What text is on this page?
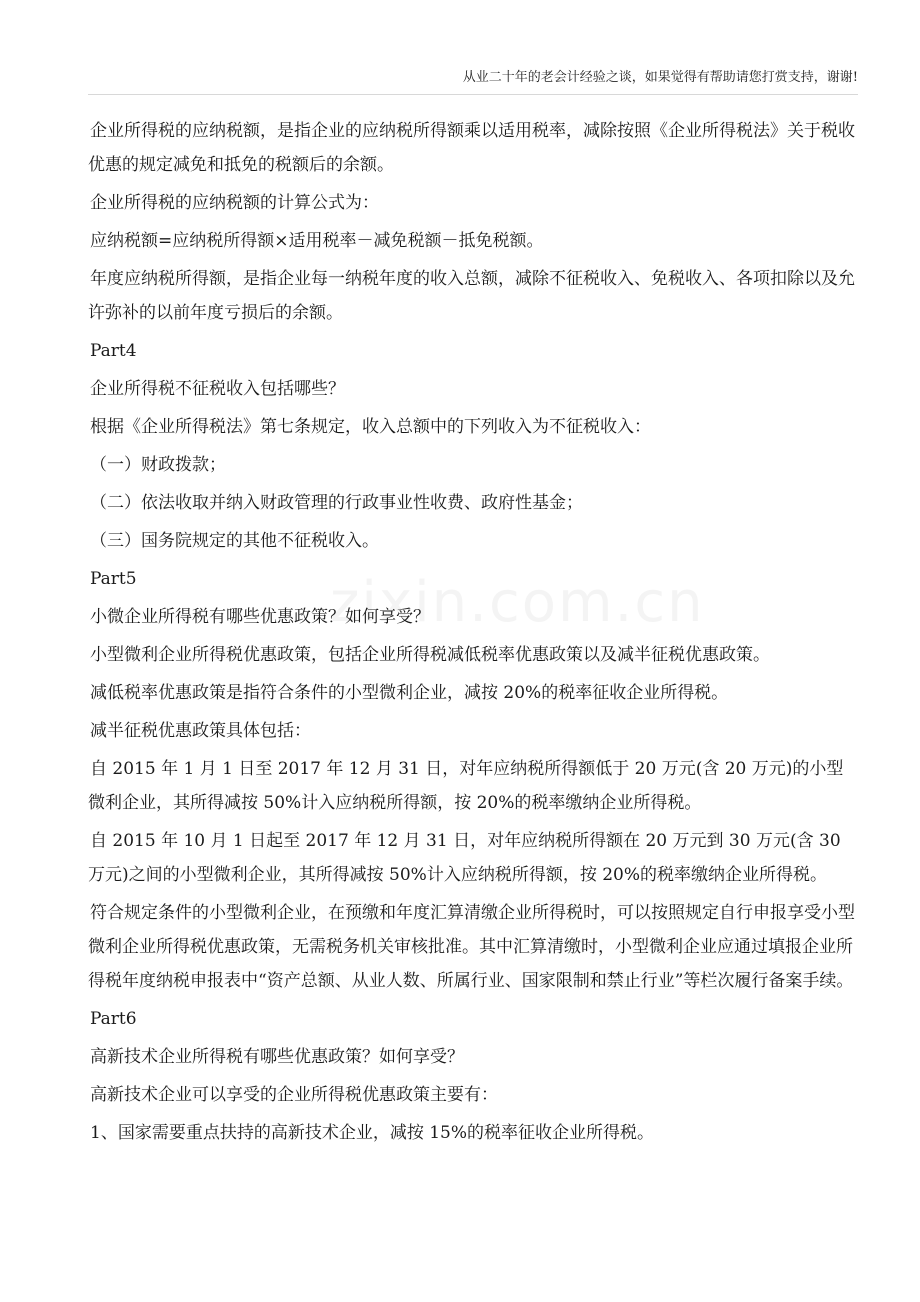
从业二十年的老会计经验之谈，如果觉得有帮助请您打赏支持，谢谢!
zixin.com.cn

企业所得税的应纳税额，是指企业的应纳税所得额乘以适用税率，减除按照《企业所得税法》关于税收优惠的规定减免和抵免的税额后的余额。

企业所得税的应纳税额的计算公式为：

应纳税额=应纳税所得额×适用税率－减免税额－抵免税额。

年度应纳税所得额，是指企业每一纳税年度的收入总额，减除不征税收入、免税收入、各项扣除以及允许弥补的以前年度亏损后的余额。

Part4

企业所得税不征税收入包括哪些？

根据《企业所得税法》第七条规定，收入总额中的下列收入为不征税收入：

（一）财政拨款；

（二）依法收取并纳入财政管理的行政事业性收费、政府性基金；

（三）国务院规定的其他不征税收入。

Part5

小微企业所得税有哪些优惠政策？如何享受？

小型微利企业所得税优惠政策，包括企业所得税减低税率优惠政策以及减半征税优惠政策。

减低税率优惠政策是指符合条件的小型微利企业，减按 20%的税率征收企业所得税。

减半征税优惠政策具体包括：

自 2015 年 1 月 1 日至 2017 年 12 月 31 日，对年应纳税所得额低于 20 万元(含 20 万元)的小型微利企业，其所得减按 50%计入应纳税所得额，按 20%的税率缴纳企业所得税。

自 2015 年 10 月 1 日起至 2017 年 12 月 31 日，对年应纳税所得额在 20 万元到 30 万元(含 30 万元)之间的小型微利企业，其所得减按 50%计入应纳税所得额，按 20%的税率缴纳企业所得税。

符合规定条件的小型微利企业，在预缴和年度汇算清缴企业所得税时，可以按照规定自行申报享受小型微利企业所得税优惠政策，无需税务机关审核批准。其中汇算清缴时，小型微利企业应通过填报企业所得税年度纳税申报表中“资产总额、从业人数、所属行业、国家限制和禁止行业”等栏次履行备案手续。

Part6

高新技术企业所得税有哪些优惠政策？如何享受？

高新技术企业可以享受的企业所得税优惠政策主要有：

1、国家需要重点扶持的高新技术企业，减按 15%的税率征收企业所得税。
